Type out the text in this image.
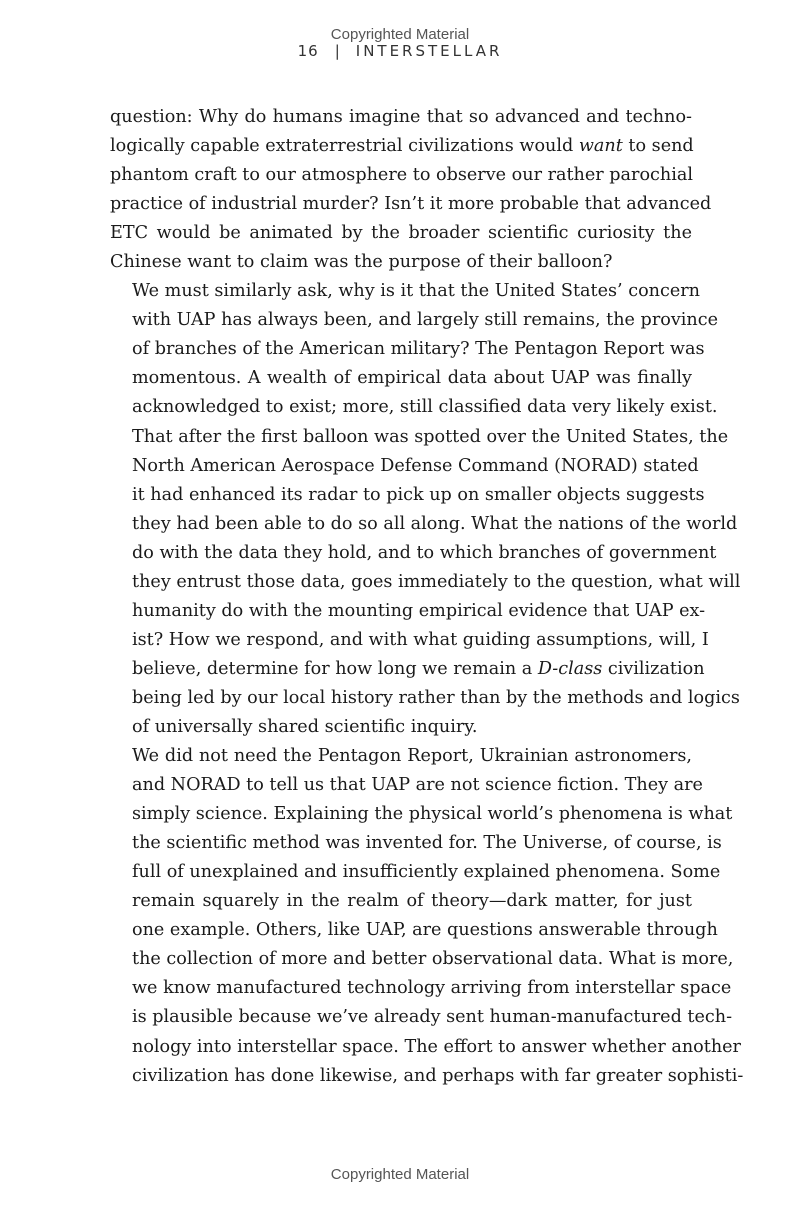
Copyrighted Material
16 | INTERSTELLAR

question: Why do humans imagine that so advanced and techno-
logically capable extraterrestrial civilizations would want to send
phantom craft to our atmosphere to observe our rather parochial
practice of industrial murder? Isn’t it more probable that advanced
ETC would be animated by the broader scientific curiosity the
Chinese want to claim was the purpose of their balloon?

We must similarly ask, why is it that the United States’ concern
with UAP has always been, and largely still remains, the province
of branches of the American military? The Pentagon Report was
momentous. A wealth of empirical data about UAP was finally
acknowledged to exist; more, still classified data very likely exist.
That after the first balloon was spotted over the United States, the
North American Aerospace Defense Command (NORAD) stated
it had enhanced its radar to pick up on smaller objects suggests
they had been able to do so all along. What the nations of the world
do with the data they hold, and to which branches of government
they entrust those data, goes immediately to the question, what will
humanity do with the mounting empirical evidence that UAP ex-
ist? How we respond, and with what guiding assumptions, will, I
believe, determine for how long we remain a D-class civilization
being led by our local history rather than by the methods and logics
of universally shared scientific inquiry.

We did not need the Pentagon Report, Ukrainian astronomers,
and NORAD to tell us that UAP are not science fiction. They are
simply science. Explaining the physical world’s phenomena is what
the scientific method was invented for. The Universe, of course, is
full of unexplained and insufficiently explained phenomena. Some
remain squarely in the realm of theory—dark matter, for just
one example. Others, like UAP, are questions answerable through
the collection of more and better observational data. What is more,
we know manufactured technology arriving from interstellar space
is plausible because we’ve already sent human-manufactured tech-
nology into interstellar space. The effort to answer whether another
civilization has done likewise, and perhaps with far greater sophisti-

Copyrighted Material
